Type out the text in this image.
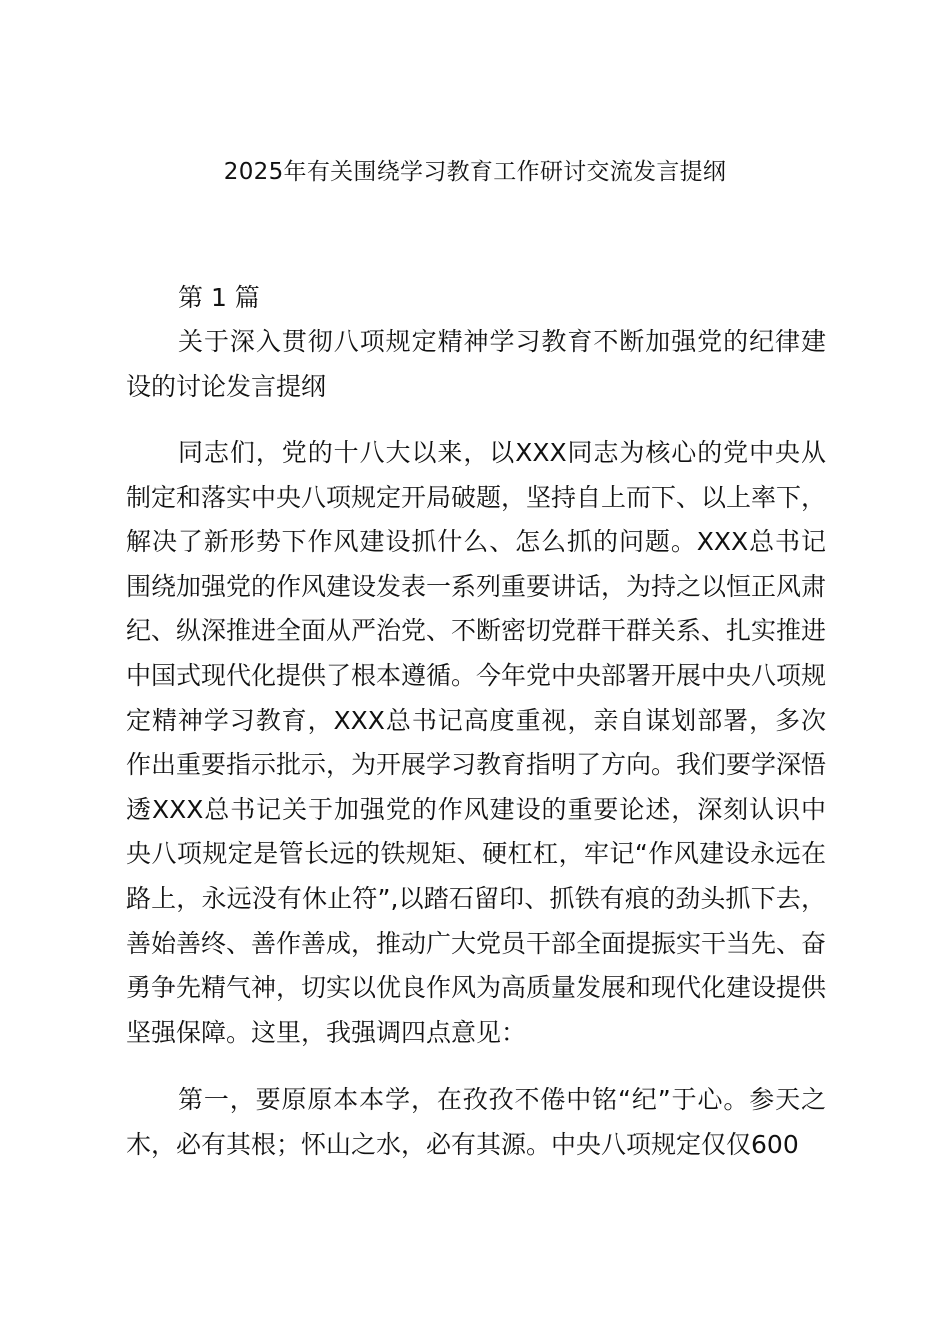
2025年有关围绕学习教育工作研讨交流发言提纲

第 1 篇

关于深入贯彻八项规定精神学习教育不断加强党的纪律建设的讨论发言提纲

同志们，党的十八大以来，以XXX同志为核心的党中央从制定和落实中央八项规定开局破题，坚持自上而下、以上率下，解决了新形势下作风建设抓什么、怎么抓的问题。XXX总书记围绕加强党的作风建设发表一系列重要讲话，为持之以恒正风肃纪、纵深推进全面从严治党、不断密切党群干群关系、扎实推进中国式现代化提供了根本遵循。今年党中央部署开展中央八项规定精神学习教育，XXX总书记高度重视，亲自谋划部署，多次作出重要指示批示，为开展学习教育指明了方向。我们要学深悟透XXX总书记关于加强党的作风建设的重要论述，深刻认识中央八项规定是管长远的铁规矩、硬杠杠，牢记“作风建设永远在路上，永远没有休止符”,以踏石留印、抓铁有痕的劲头抓下去，善始善终、善作善成，推动广大党员干部全面提振实干当先、奋勇争先精气神，切实以优良作风为高质量发展和现代化建设提供坚强保障。这里，我强调四点意见：

第一，要原原本本学，在孜孜不倦中铭“纪”于心。参天之木，必有其根；怀山之水，必有其源。中央八项规定仅仅600
